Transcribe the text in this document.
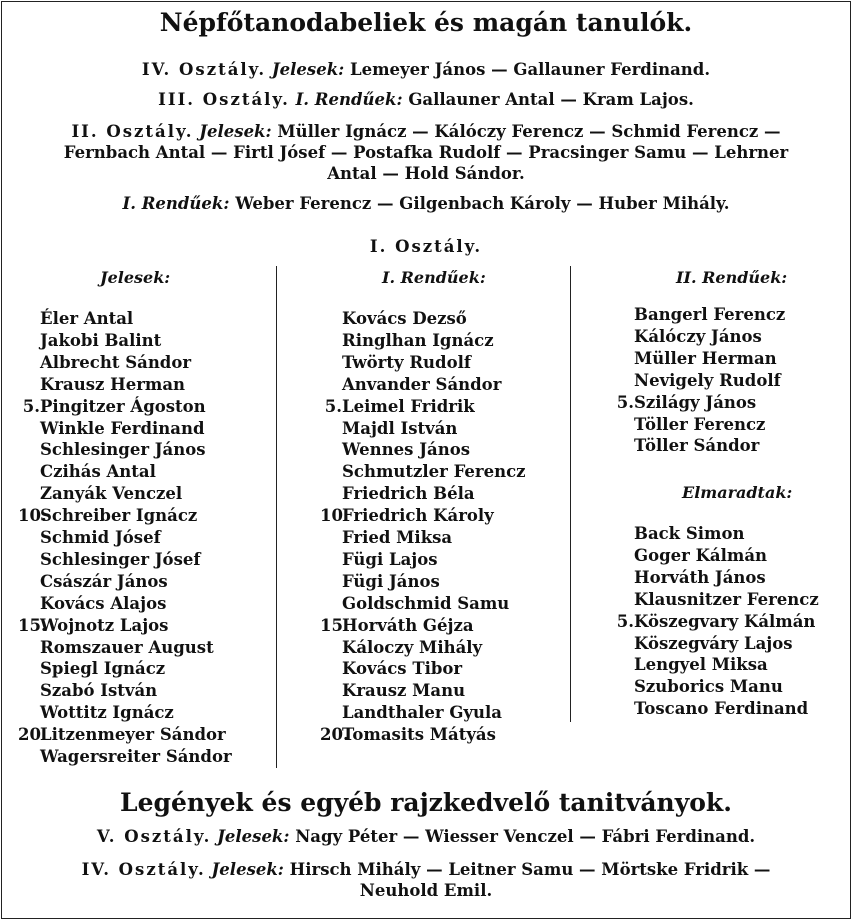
Népfőtanodabeliek és magán tanulók.
IV. Osztály. Jelesek: Lemeyer János — Gallauner Ferdinand.
III. Osztály. I. Rendűek: Gallauner Antal — Kram Lajos.
II. Osztály. Jelesek: Müller Ignácz — Kálóczy Ferencz — Schmid Ferencz —
Fernbach Antal — Firtl Jósef — Postafka Rudolf — Pracsinger Samu — Lehrner
Antal — Hold Sándor.
I. Rendűek: Weber Ferencz — Gilgenbach Károly — Huber Mihály.
I. Osztály.
Jelesek:	I. Rendűek:	II. Rendűek:
Éler Antal
Jakobi Balint
Albrecht Sándor
Krausz Herman
5. Pingitzer Ágoston
Winkle Ferdinand
Schlesinger János
Czihás Antal
Zanyák Venczel
10.
Schreiber Ignácz
Schmid Jósef
Schlesinger Jósef
Császár János
Kovács Alajos
15.
Wojnotz Lajos
Romszauer August
Spiegl Ignácz
Szabó István
Wottitz Ignácz
20.
Litzenmeyer Sándor
Wagersreiter Sándor
Kovács Dezső
Ringlhan Ignácz
Twörty Rudolf
Anvander Sándor
5. Leimel Fridrik
Majdl István
Wennes János
Schmutzler Ferencz
Friedrich Béla
10.
Friedrich Károly
Fried Miksa
Fügi Lajos
Fügi János
Goldschmid Samu
15.
Horváth Géjza
Káloczy Mihály
Kovács Tibor
Krausz Manu
Landthaler Gyula
20.
Tomasits Mátyás
Bangerl Ferencz
Kálóczy János
Müller Herman
Nevigely Rudolf
5. Szilágy János
Töller Ferencz
Töller Sándor
Elmaradtak:
Back Simon
Goger Kálmán
Horváth János
Klausnitzer Ferencz
5. Köszegvary Kálmán
Köszegváry Lajos
Lengyel Miksa
Szuborics Manu
Toscano Ferdinand
Legények és egyéb rajzkedvelő tanitványok.
V. Osztály. Jelesek: Nagy Péter — Wiesser Venczel — Fábri Ferdinand.
IV. Osztály. Jelesek: Hirsch Mihály — Leitner Samu — Mörtske Fridrik —
Neuhold Emil.
